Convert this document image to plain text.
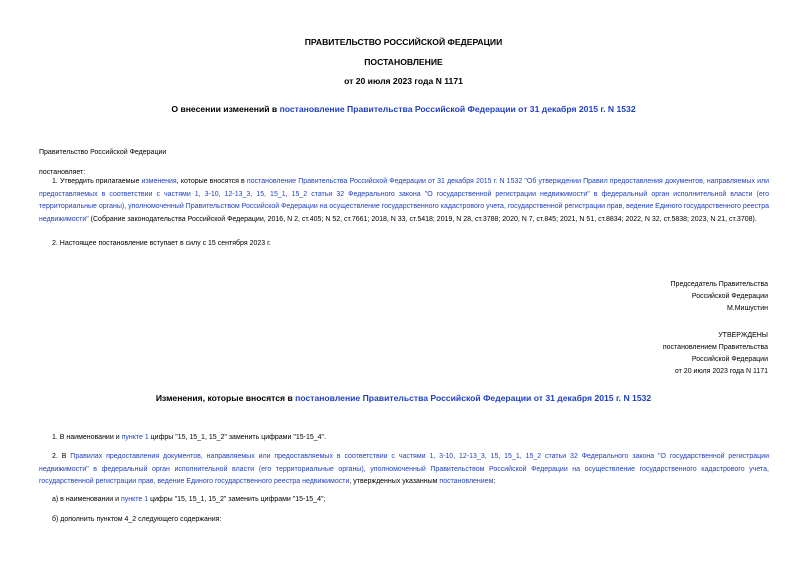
ПРАВИТЕЛЬСТВО РОССИЙСКОЙ ФЕДЕРАЦИИ
ПОСТАНОВЛЕНИЕ
от 20 июля 2023 года N 1171
О внесении изменений в постановление Правительства Российской Федерации от 31 декабря 2015 г. N 1532
Правительство Российской Федерации
постановляет:
1. Утвердить прилагаемые изменения, которые вносятся в постановление Правительства Российской Федерации от 31 декабря 2015 г. N 1532 "Об утверждении Правил предоставления документов, направляемых или предоставляемых в соответствии с частями 1, 3-10, 12-13_3, 15, 15_1, 15_2 статьи 32 Федерального закона "О государственной регистрации недвижимости" в федеральный орган исполнительной власти (его территориальные органы), уполномоченный Правительством Российской Федерации на осуществление государственного кадастрового учета, государственной регистрации прав, ведение Единого государственного реестра недвижимости" (Собрание законодательства Российской Федерации, 2016, N 2, ст.405; N 52, ст.7661; 2018, N 33, ст.5418; 2019, N 28, ст.3788; 2020, N 7, ст.845; 2021, N 51, ст.8834; 2022, N 32, ст.5838; 2023, N 21, ст.3708).
2. Настоящее постановление вступает в силу с 15 сентября 2023 г.
Председатель Правительства
Российской Федерации
М.Мишустин
УТВЕРЖДЕНЫ
постановлением Правительства
Российской Федерации
от 20 июля 2023 года N 1171
Изменения, которые вносятся в постановление Правительства Российской Федерации от 31 декабря 2015 г. N 1532
1. В наименовании и пункте 1 цифры "15, 15_1, 15_2" заменить цифрами "15-15_4".
2. В Правилах предоставления документов, направляемых или предоставляемых в соответствии с частями 1, 3-10, 12-13_3, 15, 15_1, 15_2 статьи 32 Федерального закона "О государственной регистрации недвижимости" в федеральный орган исполнительной власти (его территориальные органы), уполномоченный Правительством Российской Федерации на осуществление государственного кадастрового учета, государственной регистрации прав, ведение Единого государственного реестра недвижимости, утвержденных указанным постановлением:
а) в наименовании и пункте 1 цифры "15, 15_1, 15_2" заменить цифрами "15-15_4";
б) дополнить пунктом 4_2 следующего содержания:
